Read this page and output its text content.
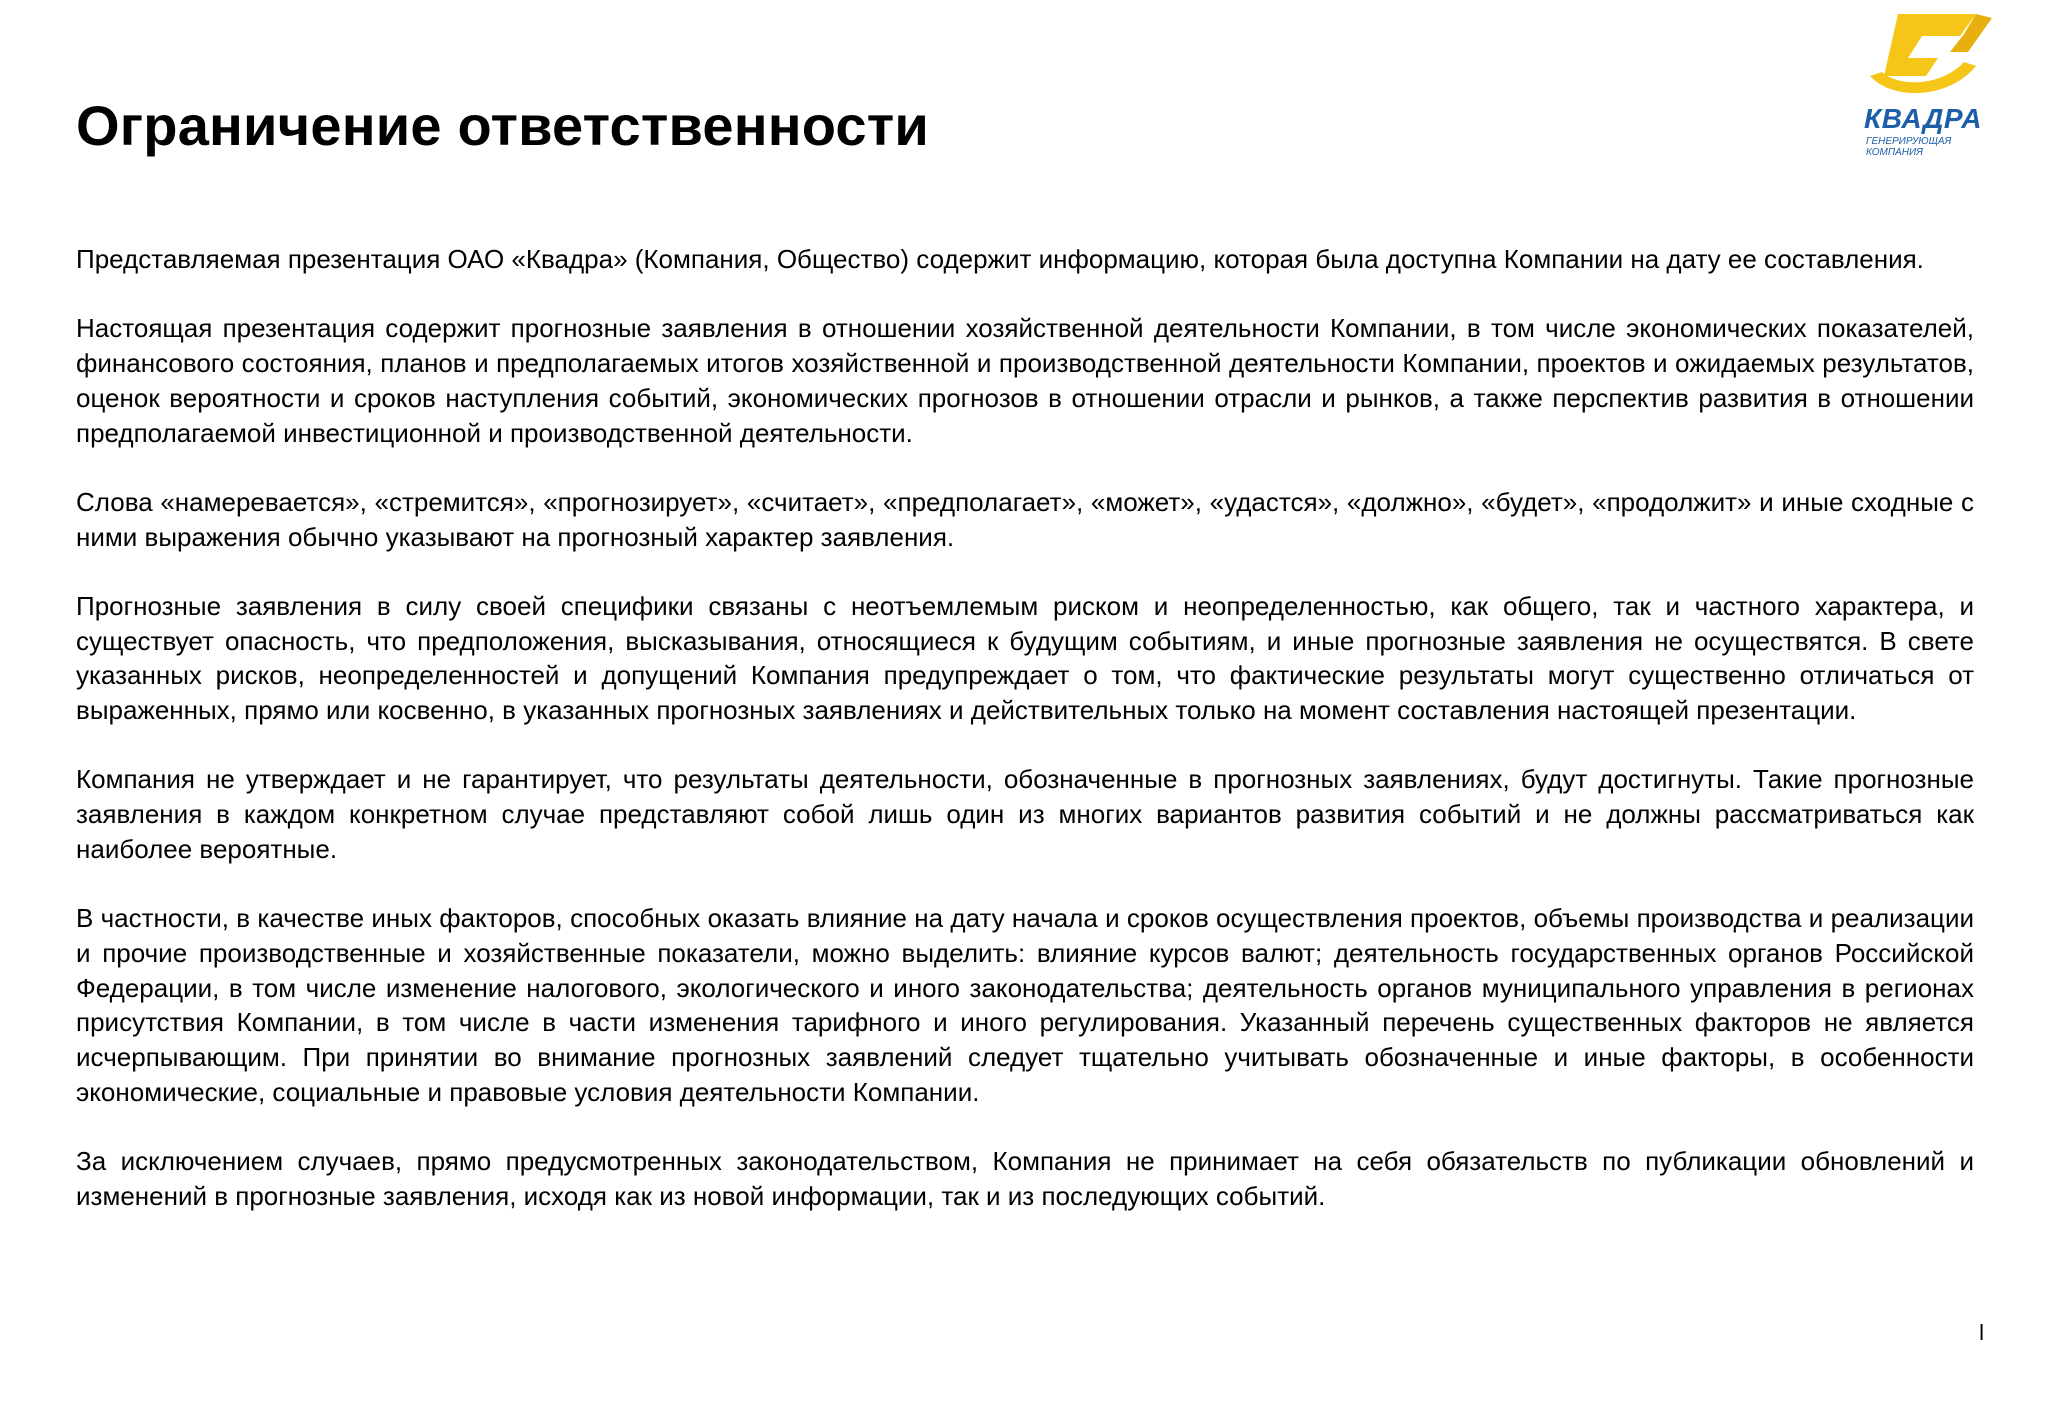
Ограничение ответственности	КВАДРА
ГЕНЕРИРУЮЩАЯ КОМПАНИЯ

Представляемая презентация ОАО «Квадра» (Компания, Общество) содержит информацию, которая была доступна Компании на дату ее составления.

Настоящая презентация содержит прогнозные заявления в отношении хозяйственной деятельности Компании, в том числе экономических показателей, финансового состояния, планов и предполагаемых итогов хозяйственной и производственной деятельности Компании, проектов и ожидаемых результатов, оценок вероятности и сроков наступления событий, экономических прогнозов в отношении отрасли и рынков, а также перспектив развития в отношении предполагаемой инвестиционной и производственной деятельности.

Слова «намеревается», «стремится», «прогнозирует», «считает», «предполагает», «может», «удастся», «должно», «будет», «продолжит» и иные сходные с ними выражения обычно указывают на прогнозный характер заявления.

Прогнозные заявления в силу своей специфики связаны с неотъемлемым риском и неопределенностью, как общего, так и частного характера, и существует опасность, что предположения, высказывания, относящиеся к будущим событиям, и иные прогнозные заявления не осуществятся. В свете указанных рисков, неопределенностей и допущений Компания предупреждает о том, что фактические результаты могут существенно отличаться от выраженных, прямо или косвенно, в указанных прогнозных заявлениях и действительных только на момент составления настоящей презентации.

Компания не утверждает и не гарантирует, что результаты деятельности, обозначенные в прогнозных заявлениях, будут достигнуты. Такие прогнозные заявления в каждом конкретном случае представляют собой лишь один из многих вариантов развития событий и не должны рассматриваться как наиболее вероятные.

В частности, в качестве иных факторов, способных оказать влияние на дату начала и сроков осуществления проектов, объемы производства и реализации и прочие производственные и хозяйственные показатели, можно выделить: влияние курсов валют; деятельность государственных органов Российской Федерации, в том числе изменение налогового, экологического и иного законодательства; деятельность органов муниципального управления в регионах присутствия Компании, в том числе в части изменения тарифного и иного регулирования. Указанный перечень существенных факторов не является исчерпывающим. При принятии во внимание прогнозных заявлений следует тщательно учитывать обозначенные и иные факторы, в особенности экономические, социальные и правовые условия деятельности Компании.

За исключением случаев, прямо предусмотренных законодательством, Компания не принимает на себя обязательств по публикации обновлений и изменений в прогнозные заявления, исходя как из новой информации, так и из последующих событий.

l
